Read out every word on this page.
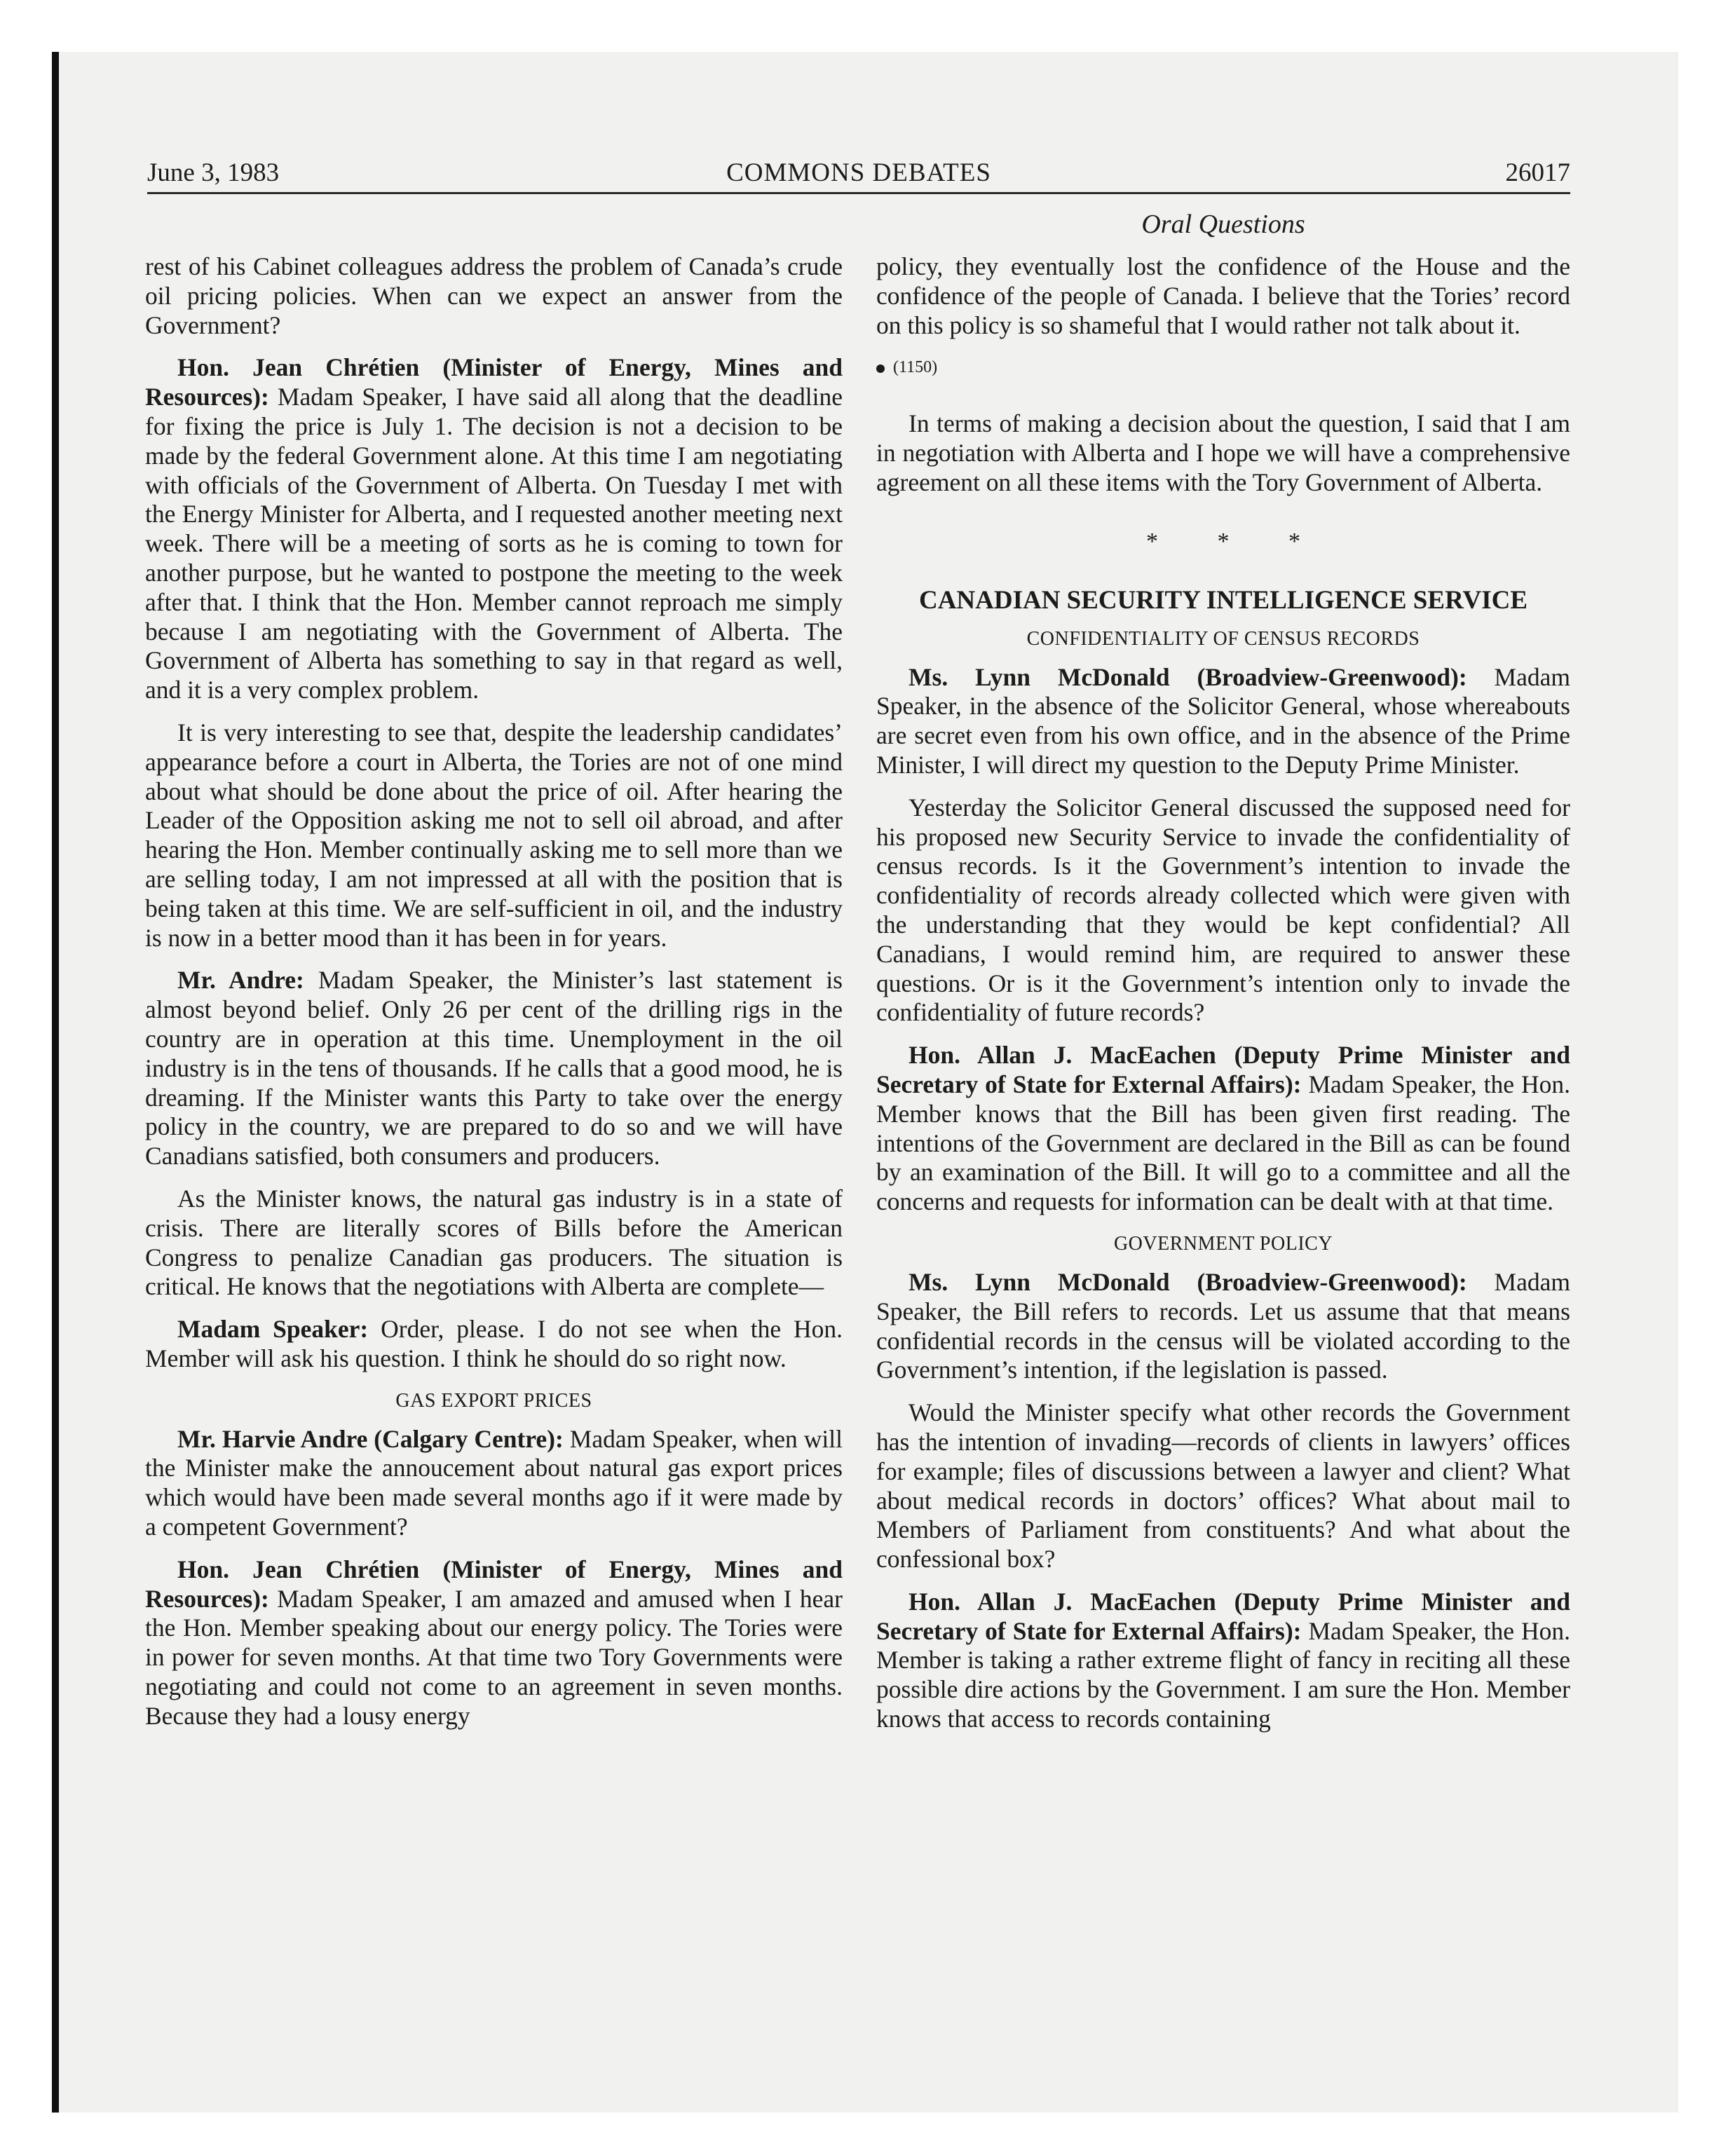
COMMONS DEBATES
June 3, 1983	26017
Oral Questions

rest of his Cabinet colleagues address the problem of Canada’s crude oil pricing policies. When can we expect an answer from the Government?

Hon. Jean Chrétien (Minister of Energy, Mines and Resources): Madam Speaker, I have said all along that the deadline for fixing the price is July 1. The decision is not a decision to be made by the federal Government alone. At this time I am negotiating with officials of the Government of Alberta. On Tuesday I met with the Energy Minister for Alberta, and I requested another meeting next week. There will be a meeting of sorts as he is coming to town for another purpose, but he wanted to postpone the meeting to the week after that. I think that the Hon. Member cannot reproach me simply because I am negotiating with the Government of Alberta. The Government of Alberta has something to say in that regard as well, and it is a very complex problem.

It is very interesting to see that, despite the leadership candidates’ appearance before a court in Alberta, the Tories are not of one mind about what should be done about the price of oil. After hearing the Leader of the Opposition asking me not to sell oil abroad, and after hearing the Hon. Member continually asking me to sell more than we are selling today, I am not impressed at all with the position that is being taken at this time. We are self-sufficient in oil, and the industry is now in a better mood than it has been in for years.

Mr. Andre: Madam Speaker, the Minister’s last statement is almost beyond belief. Only 26 per cent of the drilling rigs in the country are in operation at this time. Unemployment in the oil industry is in the tens of thousands. If he calls that a good mood, he is dreaming. If the Minister wants this Party to take over the energy policy in the country, we are prepared to do so and we will have Canadians satisfied, both consumers and producers.

As the Minister knows, the natural gas industry is in a state of crisis. There are literally scores of Bills before the American Congress to penalize Canadian gas producers. The situation is critical. He knows that the negotiations with Alberta are complete—

Madam Speaker: Order, please. I do not see when the Hon. Member will ask his question. I think he should do so right now.

GAS EXPORT PRICES

Mr. Harvie Andre (Calgary Centre): Madam Speaker, when will the Minister make the annoucement about natural gas export prices which would have been made several months ago if it were made by a competent Government?

Hon. Jean Chrétien (Minister of Energy, Mines and Resources): Madam Speaker, I am amazed and amused when I hear the Hon. Member speaking about our energy policy. The Tories were in power for seven months. At that time two Tory Governments were negotiating and could not come to an agreement in seven months. Because they had a lousy energy

policy, they eventually lost the confidence of the House and the confidence of the people of Canada. I believe that the Tories’ record on this policy is so shameful that I would rather not talk about it.

(1150)

In terms of making a decision about the question, I said that I am in negotiation with Alberta and I hope we will have a comprehensive agreement on all these items with the Tory Government of Alberta.

* * *
CANADIAN SECURITY INTELLIGENCE SERVICE
CONFIDENTIALITY OF CENSUS RECORDS

Ms. Lynn McDonald (Broadview-Greenwood): Madam Speaker, in the absence of the Solicitor General, whose whereabouts are secret even from his own office, and in the absence of the Prime Minister, I will direct my question to the Deputy Prime Minister.

Yesterday the Solicitor General discussed the supposed need for his proposed new Security Service to invade the confidentiality of census records. Is it the Government’s intention to invade the confidentiality of records already collected which were given with the understanding that they would be kept confidential? All Canadians, I would remind him, are required to answer these questions. Or is it the Government’s intention only to invade the confidentiality of future records?

Hon. Allan J. MacEachen (Deputy Prime Minister and Secretary of State for External Affairs): Madam Speaker, the Hon. Member knows that the Bill has been given first reading. The intentions of the Government are declared in the Bill as can be found by an examination of the Bill. It will go to a committee and all the concerns and requests for information can be dealt with at that time.

GOVERNMENT POLICY

Ms. Lynn McDonald (Broadview-Greenwood): Madam Speaker, the Bill refers to records. Let us assume that that means confidential records in the census will be violated according to the Government’s intention, if the legislation is passed.

Would the Minister specify what other records the Government has the intention of invading—records of clients in lawyers’ offices for example; files of discussions between a lawyer and client? What about medical records in doctors’ offices? What about mail to Members of Parliament from constituents? And what about the confessional box?

Hon. Allan J. MacEachen (Deputy Prime Minister and Secretary of State for External Affairs): Madam Speaker, the Hon. Member is taking a rather extreme flight of fancy in reciting all these possible dire actions by the Government. I am sure the Hon. Member knows that access to records containing
